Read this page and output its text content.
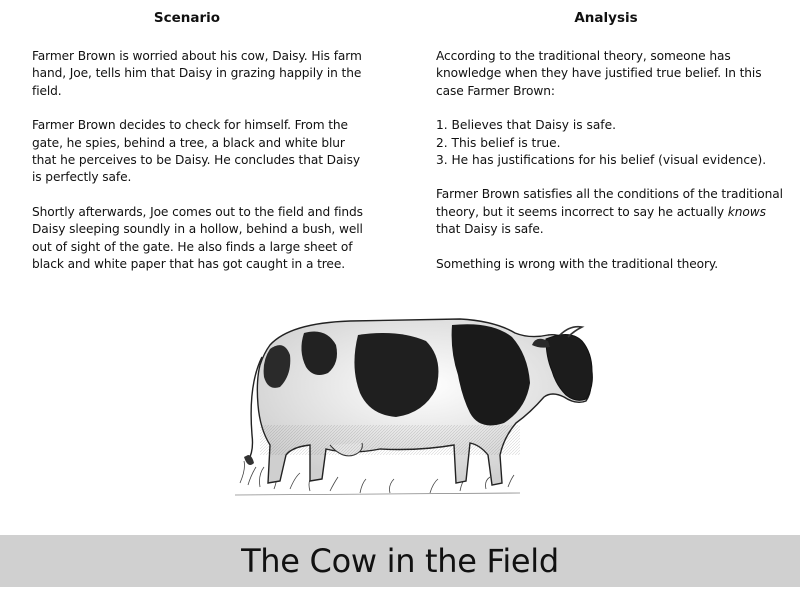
Scenario

Farmer Brown is worried about his cow, Daisy. His farm hand, Joe, tells him that Daisy in grazing happily in the field.

Farmer Brown decides to check for himself. From the gate, he spies, behind a tree, a black and white blur that he perceives to be Daisy. He concludes that Daisy is perfectly safe.

Shortly afterwards, Joe comes out to the field and finds Daisy sleeping soundly in a hollow, behind a bush, well out of sight of the gate. He also finds a large sheet of black and white paper that has got caught in a tree.

Analysis

According to the traditional theory, someone has knowledge when they have justified true belief. In this case Farmer Brown:

1. Believes that Daisy is safe.
2. This belief is true.
3. He has justifications for his belief (visual evidence).

Farmer Brown satisfies all the conditions of the traditional theory, but it seems incorrect to say he actually knows that Daisy is safe.

Something is wrong with the traditional theory.

The Cow in the Field
